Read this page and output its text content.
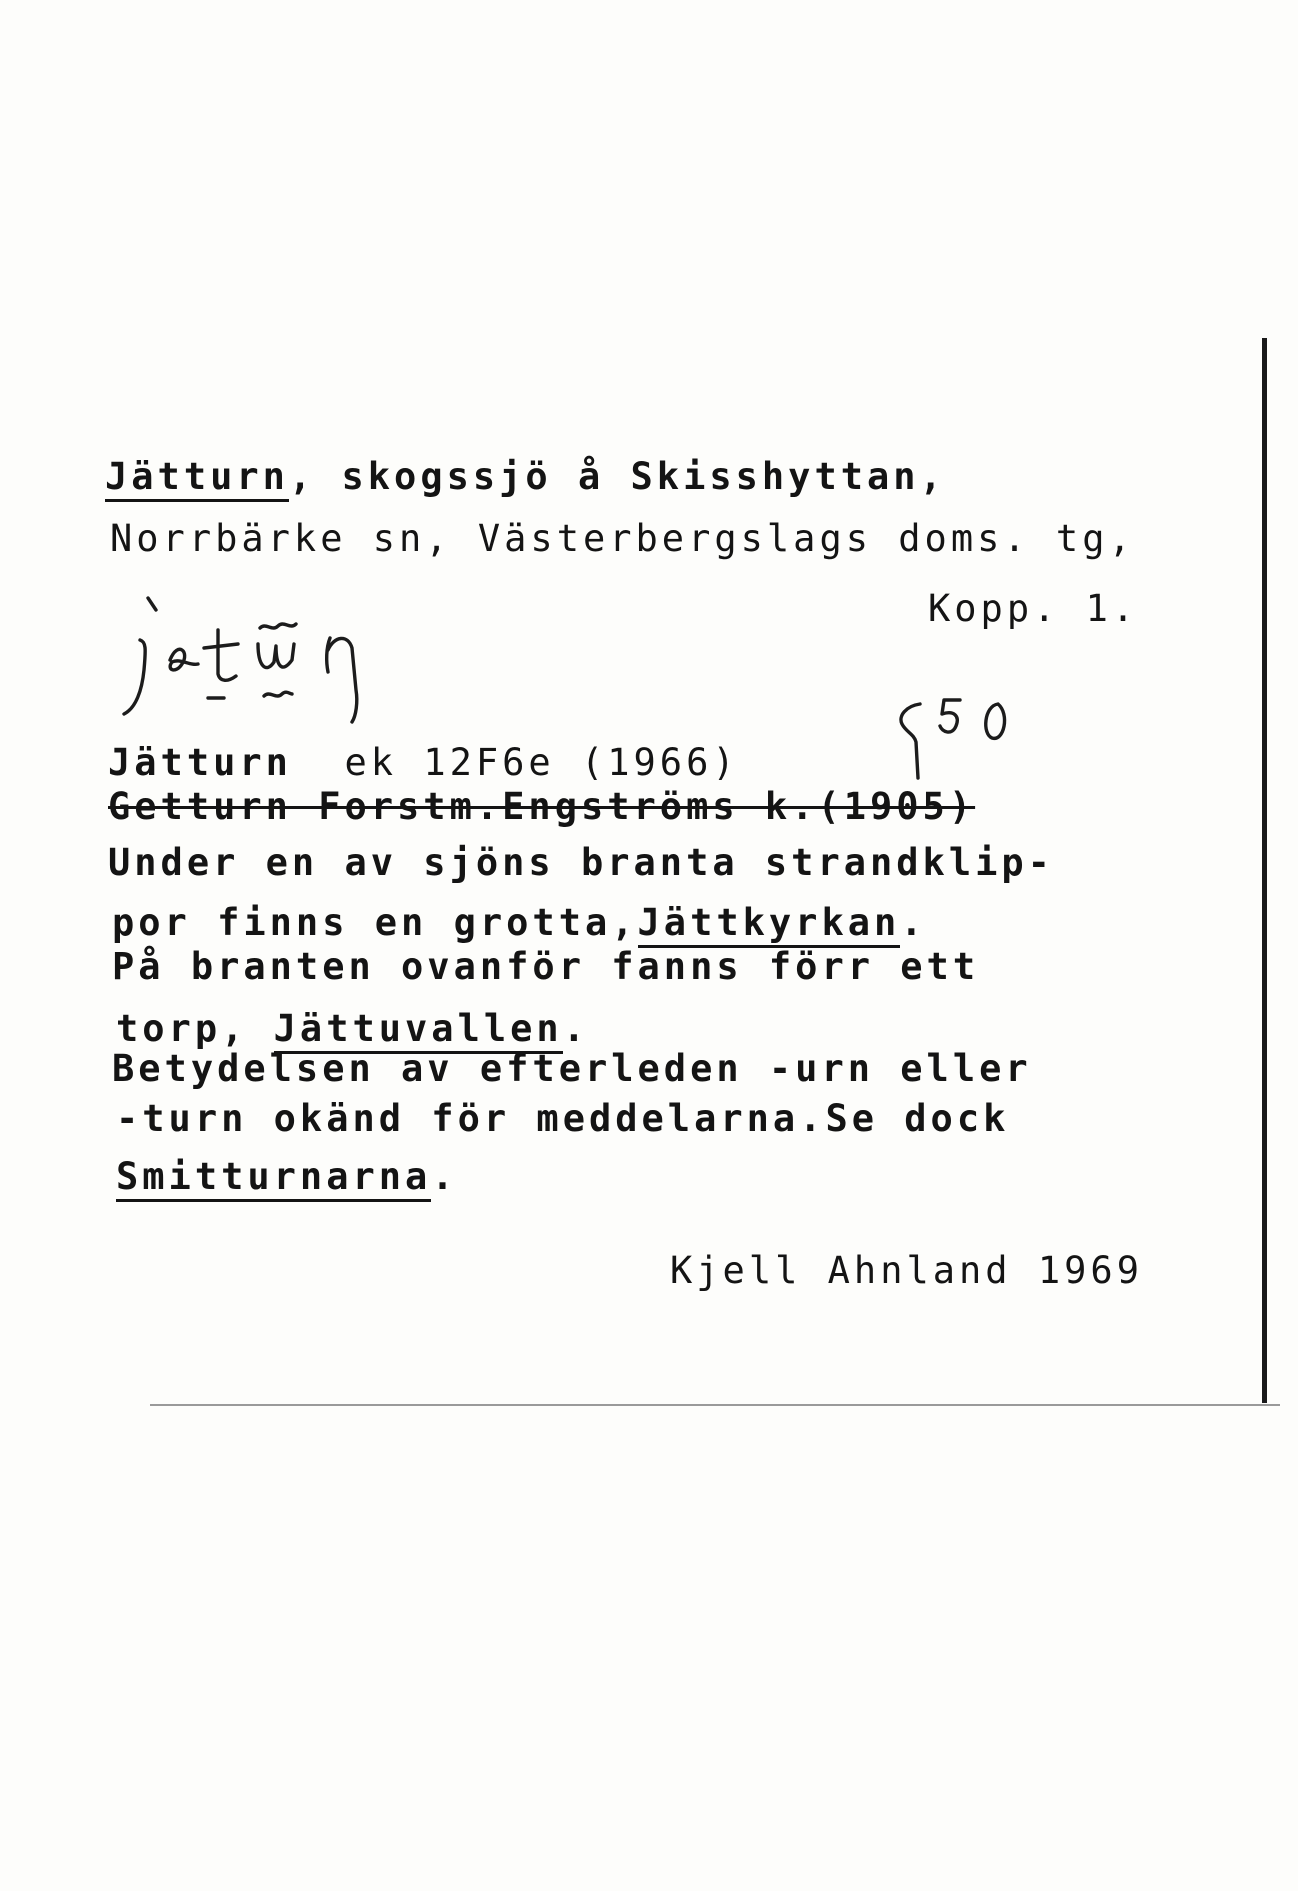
Jätturn, skogssjö å Skisshyttan,
Norrbärke sn, Västerbergslags doms. tg,
Kopp. 1.
Jätturn ek 12F6e (1966)
Getturn Forstm.Engströms k.(1905)
Under en av sjöns branta strandklip-
por finns en grotta,Jättkyrkan.
På branten ovanför fanns förr ett
torp, Jättuvallen.
Betydelsen av efterleden -urn eller
-turn okänd för meddelarna.Se dock
Smitturnarna.
Kjell Ahnland 1969
